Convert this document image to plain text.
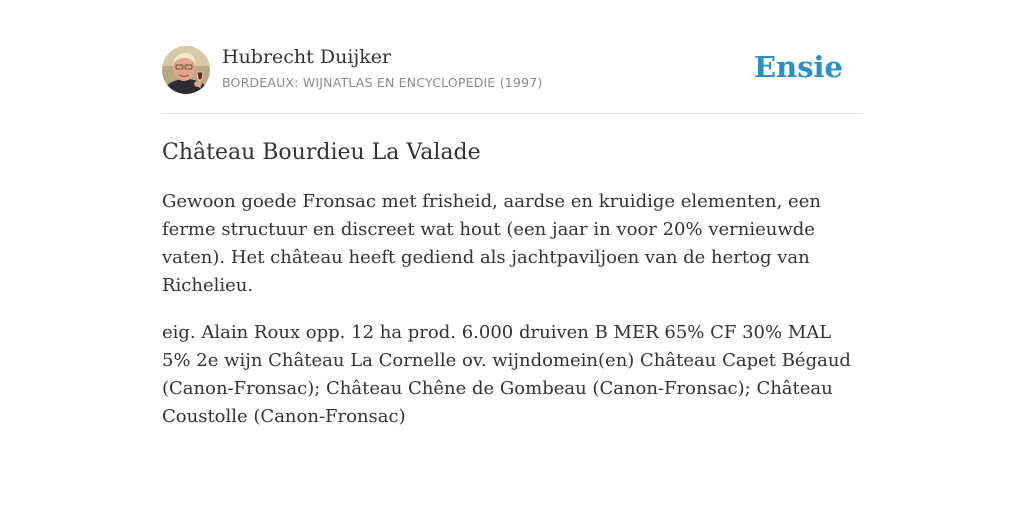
Hubrecht Duijker
BORDEAUX: WIJNATLAS EN ENCYCLOPEDIE (1997)	Ensie
Château Bourdieu La Valade

Gewoon goede Fronsac met frisheid, aardse en kruidige elementen, een ferme structuur en discreet wat hout (een jaar in voor 20% vernieuwde vaten). Het château heeft gediend als jachtpaviljoen van de hertog van Richelieu.

eig. Alain Roux opp. 12 ha prod. 6.000 druiven B MER 65% CF 30% MAL 5% 2e wijn Château La Cornelle ov. wijndomein(en) Château Capet Bégaud (Canon-Fronsac); Château Chêne de Gombeau (Canon-Fronsac); Château Coustolle (Canon-Fronsac)
